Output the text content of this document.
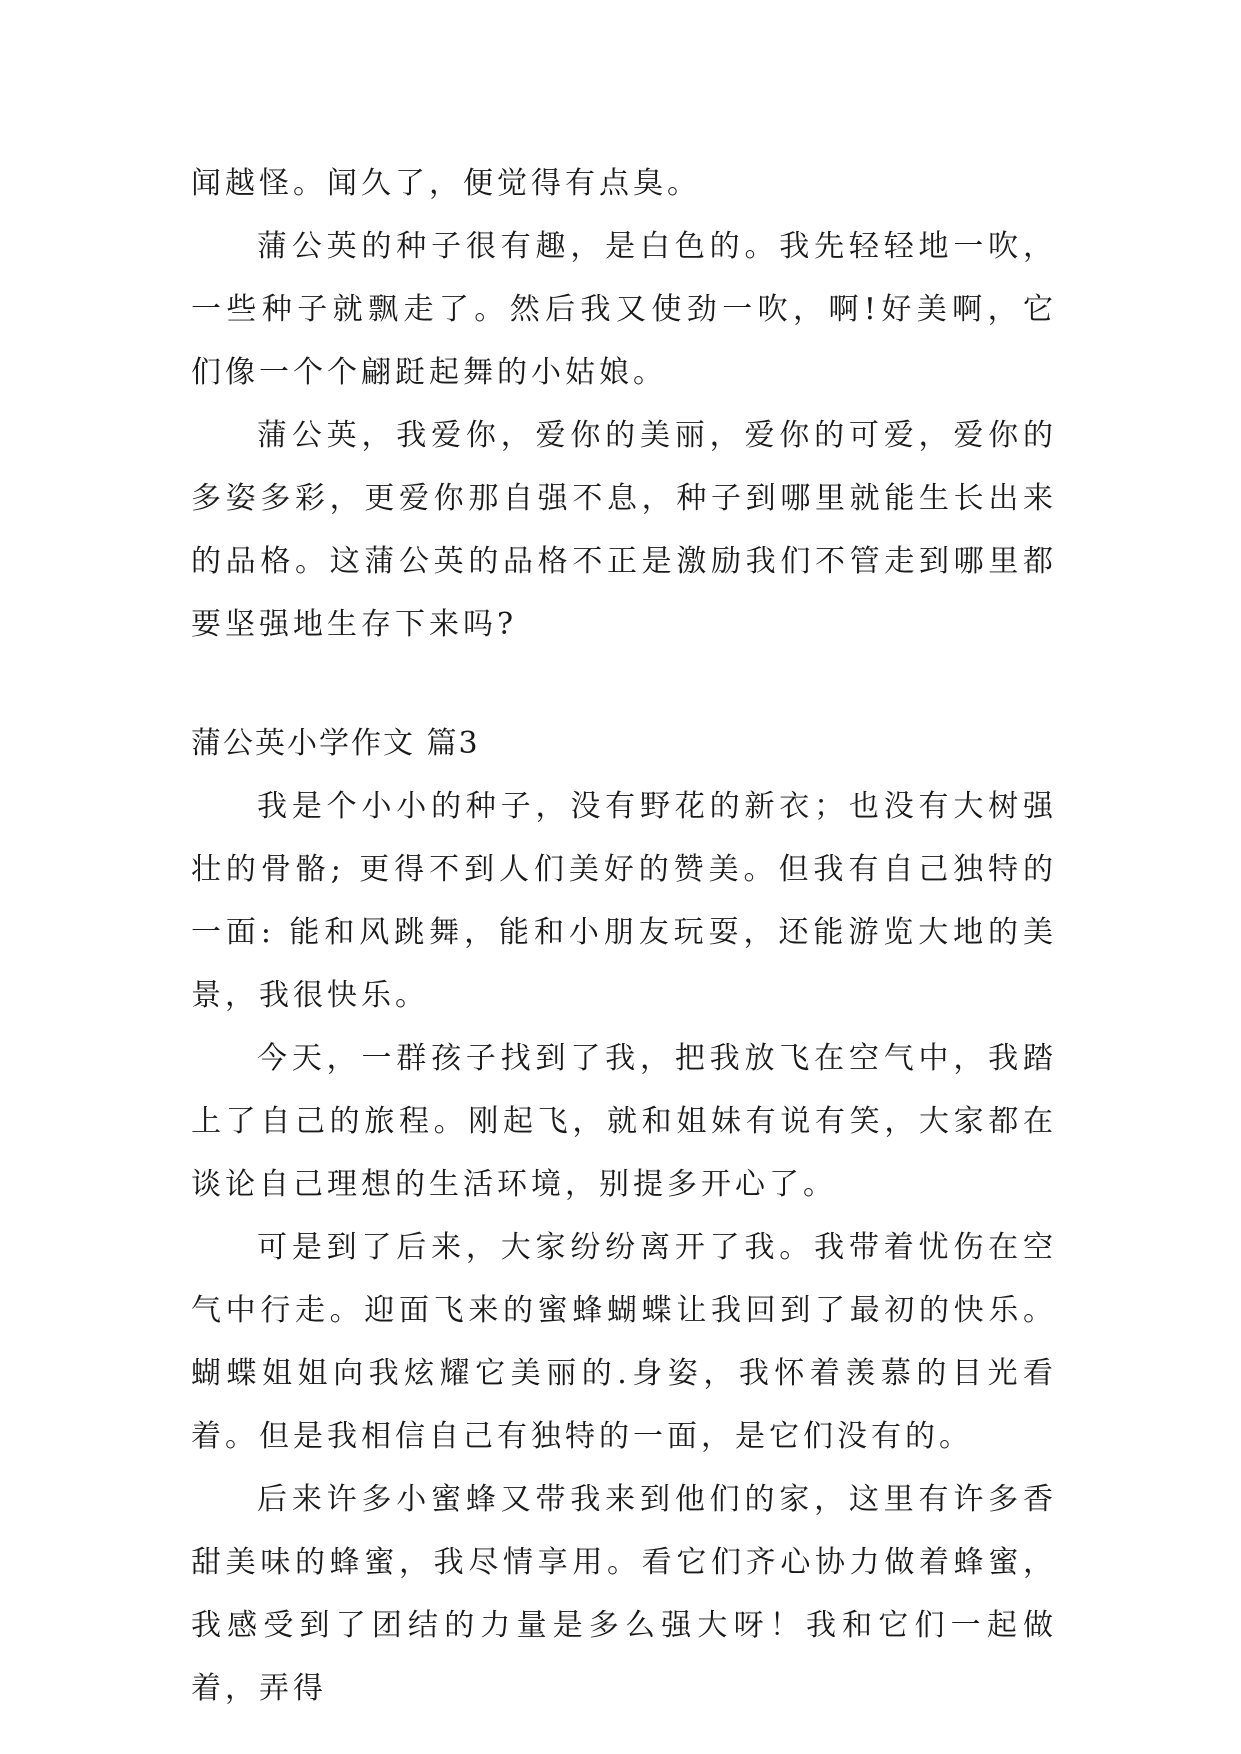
闻越怪。闻久了，便觉得有点臭。

蒲公英的种子很有趣，是白色的。我先轻轻地一吹，一些种子就飘走了。然后我又使劲一吹，啊!好美啊，它们像一个个翩跹起舞的小姑娘。

蒲公英，我爱你，爱你的美丽，爱你的可爱，爱你的多姿多彩，更爱你那自强不息，种子到哪里就能生长出来的品格。这蒲公英的品格不正是激励我们不管走到哪里都要坚强地生存下来吗?

蒲公英小学作文 篇3

我是个小小的种子，没有野花的新衣；也没有大树强壮的骨骼; 更得不到人们美好的赞美。但我有自己独特的一面: 能和风跳舞，能和小朋友玩耍，还能游览大地的美景，我很快乐。

今天，一群孩子找到了我，把我放飞在空气中，我踏上了自己的旅程。刚起飞，就和姐妹有说有笑，大家都在谈论自己理想的生活环境，别提多开心了。

可是到了后来，大家纷纷离开了我。我带着忧伤在空气中行走。迎面飞来的蜜蜂蝴蝶让我回到了最初的快乐。蝴蝶姐姐向我炫耀它美丽的.身姿，我怀着羡慕的目光看着。但是我相信自己有独特的一面，是它们没有的。

后来许多小蜜蜂又带我来到他们的家，这里有许多香甜美味的蜂蜜，我尽情享用。看它们齐心协力做着蜂蜜，我感受到了团结的力量是多么强大呀！我和它们一起做着，弄得
